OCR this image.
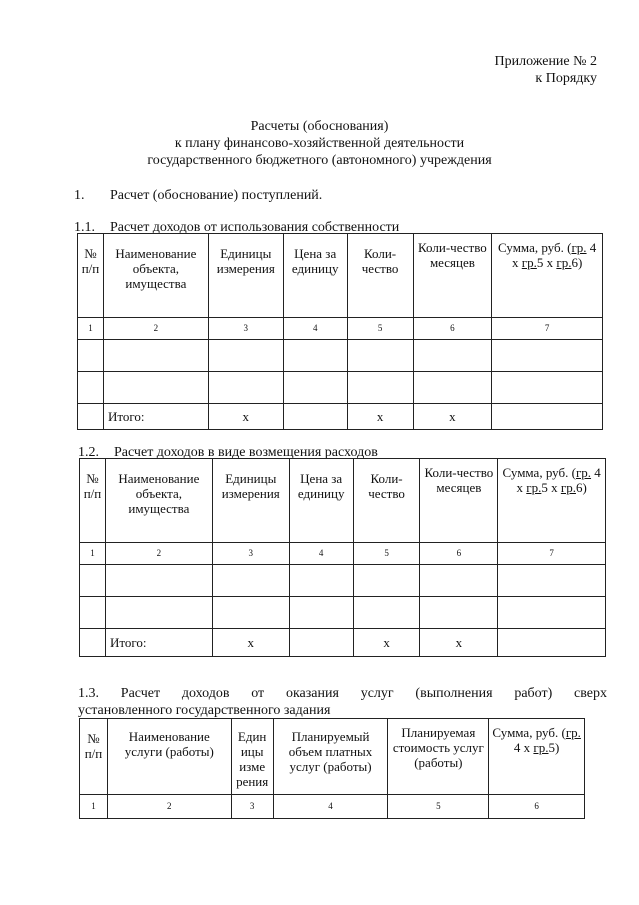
Приложение № 2
к Порядку
Расчеты (обоснования)
к плану финансово-хозяйственной деятельности
государственного бюджетного (автономного) учреждения
1. Расчет (обоснование) поступлений.
1.1. Расчет доходов от использования собственности
№ п/п	Наименование объекта, имущества	Единицы измерения	Цена за единицу	Коли-чество	Коли-чество месяцев	Сумма, руб. (гр. 4 х гр.5 х гр.6)
1	2	3	4	5	6	7

	Итого:	х		х	х	
1.2. Расчет доходов в виде возмещения расходов
№ п/п	Наименование объекта, имущества	Единицы измерения	Цена за единицу	Коли-чество	Коли-чество месяцев	Сумма, руб. (гр. 4 х гр.5 х гр.6)
1	2	3	4	5	6	7

	Итого:	х		х	х	
1.3. Расчет доходов от оказания услуг (выполнения работ) сверх
установленного государственного задания
№ п/п	Наименование услуги (работы)	Един ицы изме рения	Планируемый объем платных услуг (работы)	Планируемая стоимость услуг (работы)	Сумма, руб. (гр. 4 х гр.5)
1	2	3	4	5	6
